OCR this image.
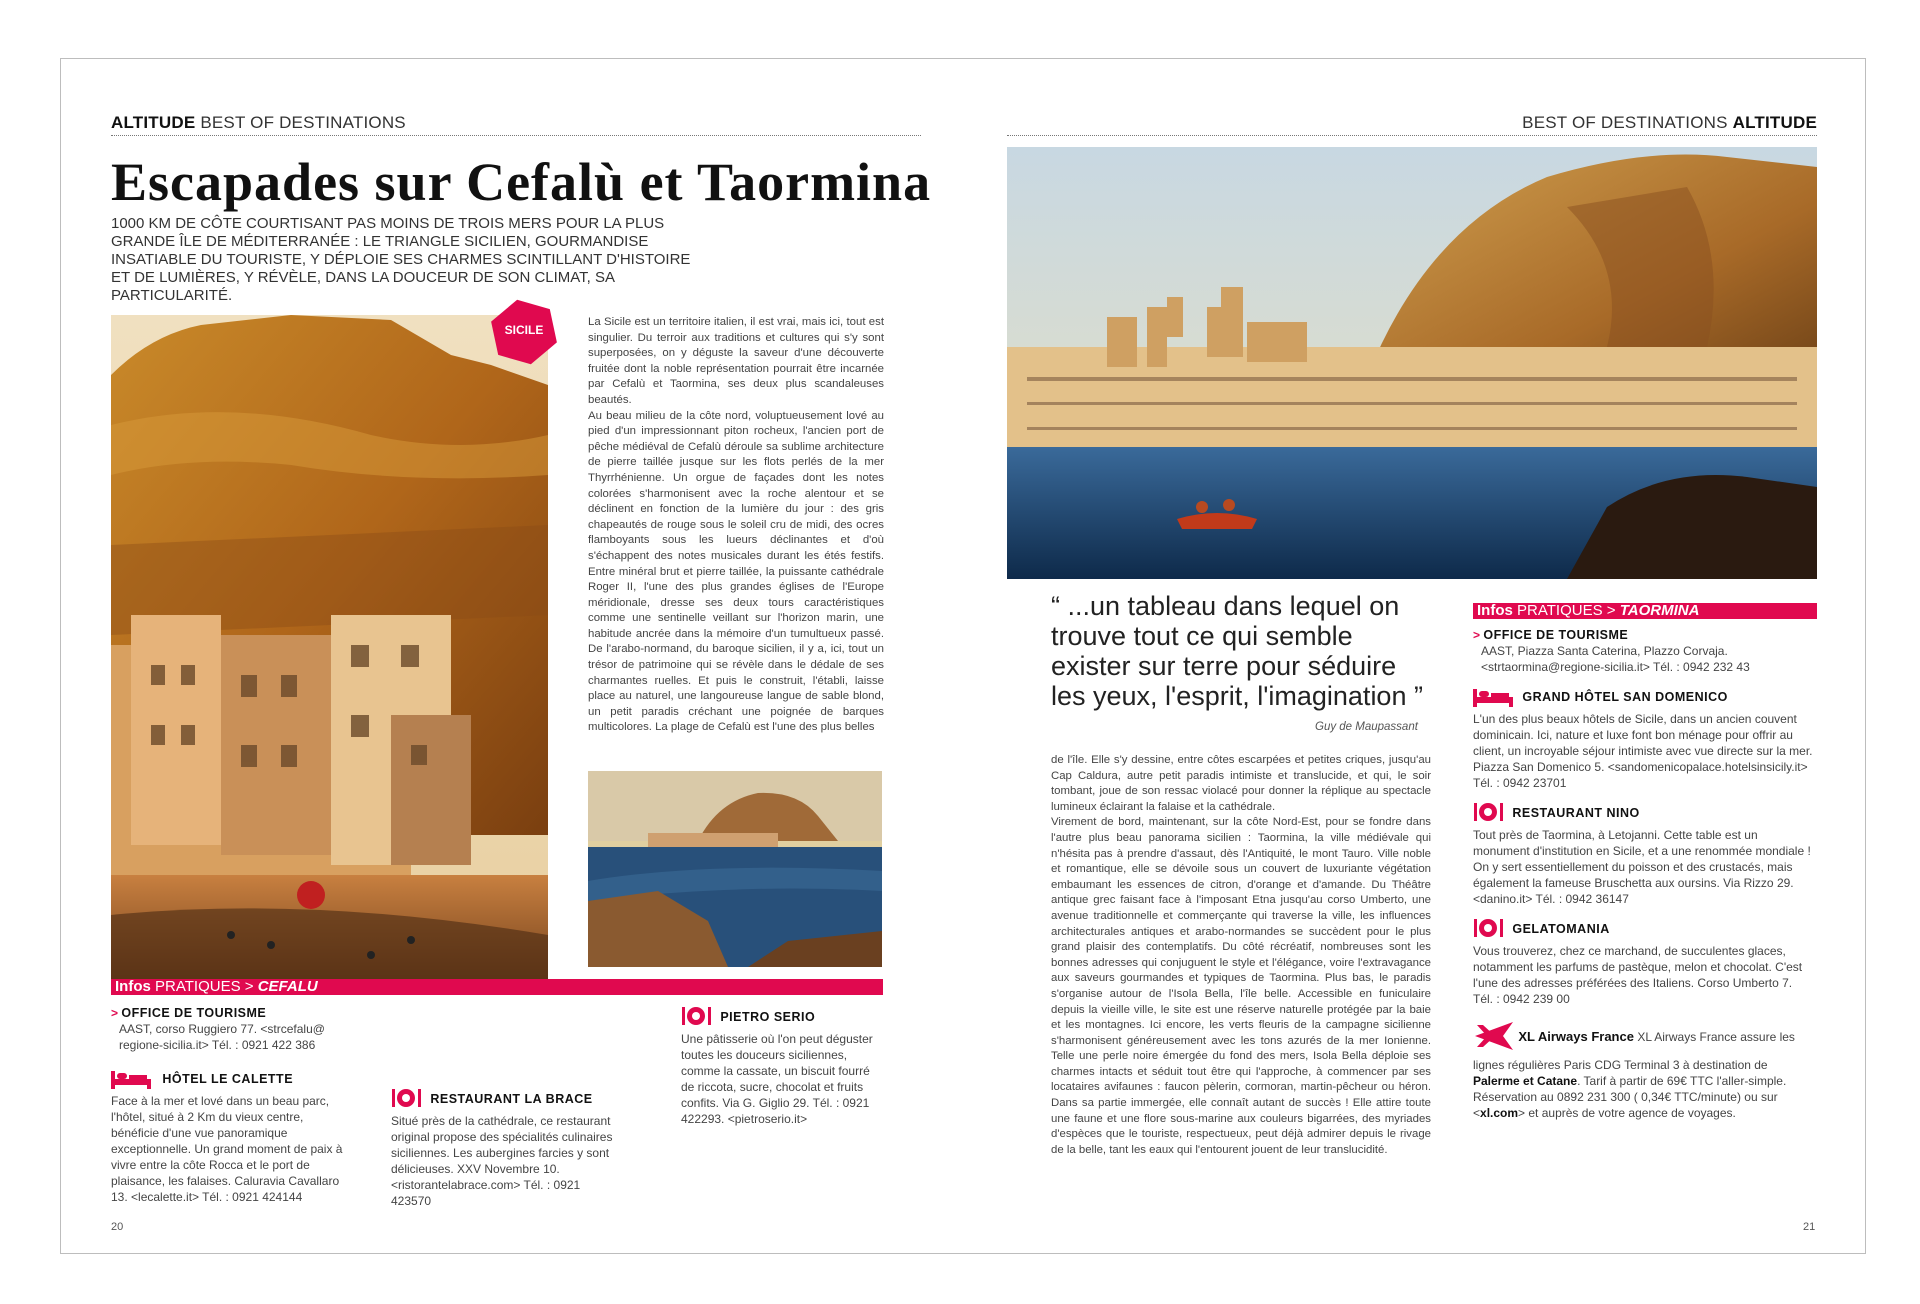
ALTITUDE BEST OF DESTINATIONS	BEST OF DESTINATIONS ALTITUDE
Escapades sur Cefalù et Taormina
1000 KM DE CÔTE COURTISANT PAS MOINS DE TROIS MERS POUR LA PLUS GRANDE ÎLE DE MÉDITERRANÉE : LE TRIANGLE SICILIEN, GOURMANDISE INSATIABLE DU TOURISTE, Y DÉPLOIE SES CHARMES SCINTILLANT D'HISTOIRE ET DE LUMIÈRES, Y RÉVÈLE, DANS LA DOUCEUR DE SON CLIMAT, SA PARTICULARITÉ.
SICILE

La Sicile est un territoire italien, il est vrai, mais ici, tout est singulier. Du terroir aux traditions et cultures qui s'y sont superposées, on y déguste la saveur d'une découverte fruitée dont la noble représentation pourrait être incarnée par Cefalù et Taormina, ses deux plus scandaleuses beautés.

Au beau milieu de la côte nord, voluptueusement lové au pied d'un impressionnant piton rocheux, l'ancien port de pêche médiéval de Cefalù déroule sa sublime architecture de pierre taillée jusque sur les flots perlés de la mer Thyrrhénienne. Un orgue de façades dont les notes colorées s'harmonisent avec la roche alentour et se déclinent en fonction de la lumière du jour : des gris chapeautés de rouge sous le soleil cru de midi, des ocres flamboyants sous les lueurs déclinantes et d'où s'échappent des notes musicales durant les étés festifs. Entre minéral brut et pierre taillée, la puissante cathédrale Roger II, l'une des plus grandes églises de l'Europe méridionale, dresse ses deux tours caractéristiques comme une sentinelle veillant sur l'horizon marin, une habitude ancrée dans la mémoire d'un tumultueux passé. De l'arabo-normand, du baroque sicilien, il y a, ici, tout un trésor de patrimoine qui se révèle dans le dédale de ses charmantes ruelles. Et puis le construit, l'établi, laisse place au naturel, une langoureuse langue de sable blond, un petit paradis créchant une poignée de barques multicolores. La plage de Cefalù est l'une des plus belles

Infos PRATIQUES > CEFALU
> OFFICE DE TOURISME
AAST, corso Ruggiero 77. <strcefalu@ regione-sicilia.it> Tél. : 0921 422 386
HÔTEL LE CALETTE
Face à la mer et lové dans un beau parc, l'hôtel, situé à 2 Km du vieux centre, bénéficie d'une vue panoramique exceptionnelle. Un grand moment de paix à vivre entre la côte Rocca et le port de plaisance, les falaises. Caluravia Cavallaro 13. <lecalette.it> Tél. : 0921 424144
RESTAURANT LA BRACE
Situé près de la cathédrale, ce restaurant original propose des spécialités culinaires siciliennes. Les aubergines farcies y sont délicieuses. XXV Novembre 10. <ristorantelabrace.com> Tél. : 0921 423570
PIETRO SERIO
Une pâtisserie où l'on peut déguster toutes les douceurs siciliennes, comme la cassate, un biscuit fourré de riccota, sucre, chocolat et fruits confits. Via G. Giglio 29. Tél. : 0921 422293. <pietroserio.it>
“ ...un tableau dans lequel on trouve tout ce qui semble exister sur terre pour séduire les yeux, l'esprit, l'imagination ”
Guy de Maupassant

de l'île. Elle s'y dessine, entre côtes escarpées et petites criques, jusqu'au Cap Caldura, autre petit paradis intimiste et translucide, et qui, le soir tombant, joue de son ressac violacé pour donner la réplique au spectacle lumineux éclairant la falaise et la cathédrale.

Virement de bord, maintenant, sur la côte Nord-Est, pour se fondre dans l'autre plus beau panorama sicilien : Taormina, la ville médiévale qui n'hésita pas à prendre d'assaut, dès l'Antiquité, le mont Tauro. Ville noble et romantique, elle se dévoile sous un couvert de luxuriante végétation embaumant les essences de citron, d'orange et d'amande. Du Théâtre antique grec faisant face à l'imposant Etna jusqu'au corso Umberto, une avenue traditionnelle et commerçante qui traverse la ville, les influences architecturales antiques et arabo-normandes se succèdent pour le plus grand plaisir des contemplatifs. Du côté récréatif, nombreuses sont les bonnes adresses qui conjuguent le style et l'élégance, voire l'extravagance aux saveurs gourmandes et typiques de Taormina. Plus bas, le paradis s'organise autour de l'Isola Bella, l'île belle. Accessible en funiculaire depuis la vieille ville, le site est une réserve naturelle protégée par la baie et les montagnes. Ici encore, les verts fleuris de la campagne sicilienne s'harmonisent généreusement avec les tons azurés de la mer Ionienne. Telle une perle noire émergée du fond des mers, Isola Bella déploie ses charmes intacts et séduit tout être qui l'approche, à commencer par ses locataires avifaunes : faucon pèlerin, cormoran, martin-pêcheur ou héron. Dans sa partie immergée, elle connaît autant de succès ! Elle attire toute une faune et une flore sous-marine aux couleurs bigarrées, des myriades d'espèces que le touriste, respectueux, peut déjà admirer depuis le rivage de la belle, tant les eaux qui l'entourent jouent de leur translucidité.

Infos PRATIQUES > TAORMINA
> OFFICE DE TOURISME
AAST, Piazza Santa Caterina, Plazzo Corvaja. <strtaormina@regione-sicilia.it> Tél. : 0942 232 43
GRAND HÔTEL SAN DOMENICO
L'un des plus beaux hôtels de Sicile, dans un ancien couvent dominicain. Ici, nature et luxe font bon ménage pour offrir au client, un incroyable séjour intimiste avec vue directe sur la mer. Piazza San Domenico 5. <sandomenicopalace.hotelsinsicily.it> Tél. : 0942 23701
RESTAURANT NINO
Tout près de Taormina, à Letojanni. Cette table est un monument d'institution en Sicile, et a une renommée mondiale ! On y sert essentiellement du poisson et des crustacés, mais également la fameuse Bruschetta aux oursins. Via Rizzo 29. <danino.it> Tél. : 0942 36147
GELATOMANIA
Vous trouverez, chez ce marchand, de succulentes glaces, notamment les parfums de pastèque, melon et chocolat. C'est l'une des adresses préférées des Italiens. Corso Umberto 7. Tél. : 0942 239 00
XL Airways France XL Airways France assure les lignes régulières Paris CDG Terminal 3 à destination de Palerme et Catane. Tarif à partir de 69€ TTC l'aller-simple. Réservation au 0892 231 300 ( 0,34€ TTC/minute) ou sur <xl.com> et auprès de votre agence de voyages.
20	21
